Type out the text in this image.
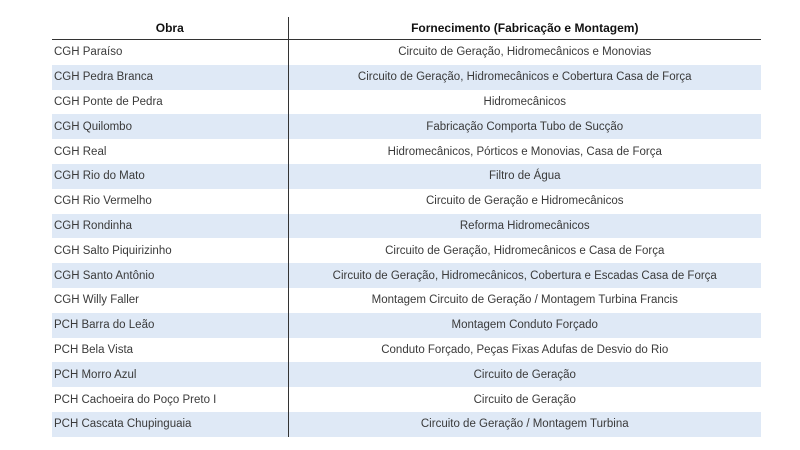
Obra	Fornecimento (Fabricação e Montagem)
CGH Paraíso	Circuito de Geração, Hidromecânicos e Monovias
CGH Pedra Branca	Circuito de Geração, Hidromecânicos e Cobertura Casa de Força
CGH Ponte de Pedra	Hidromecânicos
CGH Quilombo	Fabricação Comporta Tubo de Sucção
CGH Real	Hidromecânicos, Pórticos e Monovias, Casa de Força
CGH Rio do Mato	Filtro de Água
CGH Rio Vermelho	Circuito de Geração e Hidromecânicos
CGH Rondinha	Reforma Hidromecânicos
CGH Salto Piquirizinho	Circuito de Geração, Hidromecânicos e Casa de Força
CGH Santo Antônio	Circuito de Geração, Hidromecânicos, Cobertura e Escadas Casa de Força
CGH Willy Faller	Montagem Circuito de Geração / Montagem Turbina Francis
PCH Barra do Leão	Montagem Conduto Forçado
PCH Bela Vista	Conduto Forçado, Peças Fixas Adufas de Desvio do Rio
PCH Morro Azul	Circuito de Geração
PCH Cachoeira do Poço Preto I	Circuito de Geração
PCH Cascata Chupinguaia	Circuito de Geração / Montagem Turbina
